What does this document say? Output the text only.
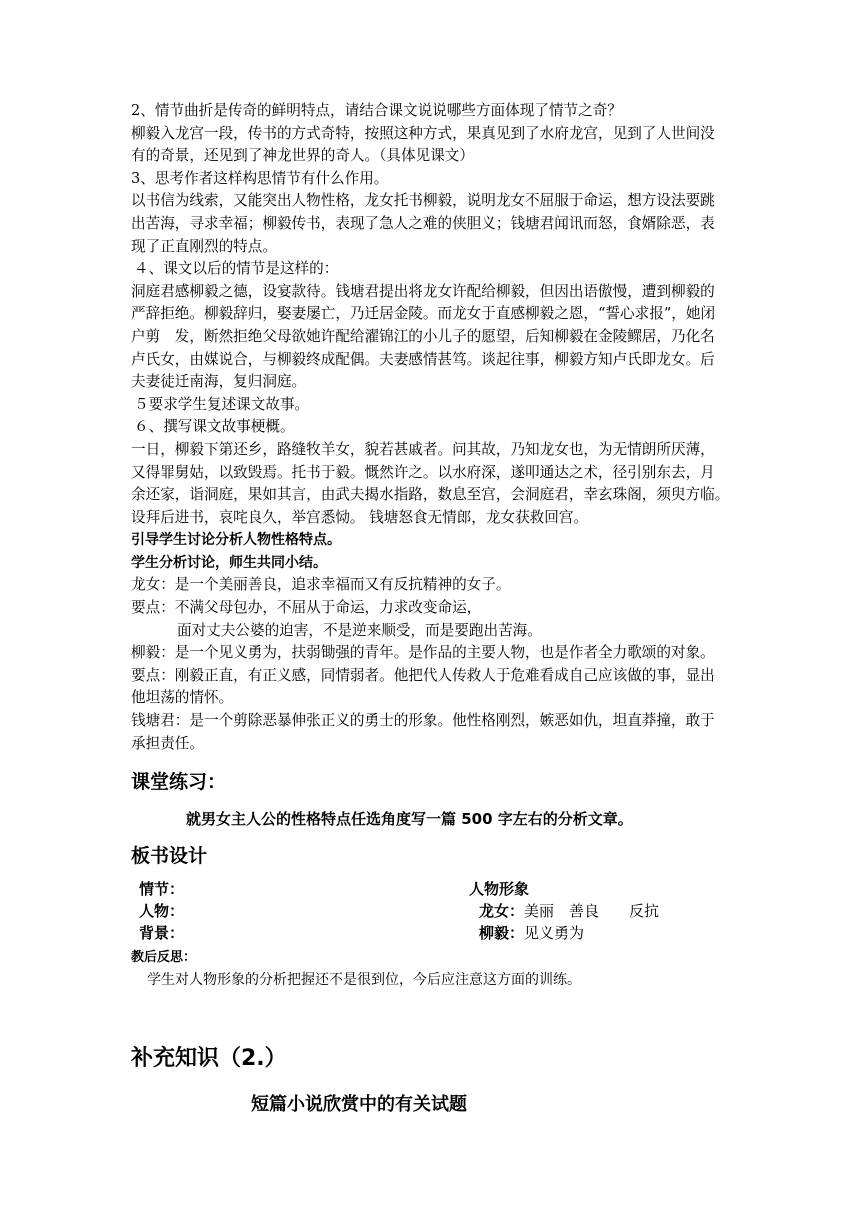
2、情节曲折是传奇的鲜明特点，请结合课文说说哪些方面体现了情节之奇？

柳毅入龙宫一段，传书的方式奇特，按照这种方式，果真见到了水府龙宫，见到了人世间没

有的奇景，还见到了神龙世界的奇人。（具体见课文）

3、思考作者这样构思情节有什么作用。

以书信为线索，又能突出人物性格，龙女托书柳毅，说明龙女不屈服于命运，想方设法要跳

出苦海，寻求幸福；柳毅传书，表现了急人之难的侠胆义；钱塘君闻讯而怒，食婿除恶，表

现了正直刚烈的特点。

４、课文以后的情节是这样的：

洞庭君感柳毅之德，设宴款待。钱塘君提出将龙女许配给柳毅，但因出语傲慢，遭到柳毅的

严辞拒绝。柳毅辞归，娶妻屡亡，乃迁居金陵。而龙女于直感柳毅之恩，“誓心求报”，她闭

户剪　发，断然拒绝父母欲她许配给濯锦江的小儿子的愿望，后知柳毅在金陵鳏居，乃化名

卢氏女，由媒说合，与柳毅终成配偶。夫妻感情甚笃。谈起往事，柳毅方知卢氏即龙女。后

夫妻徒迁南海，复归洞庭。

５要求学生复述课文故事。

６、撰写课文故事梗概。

一日，柳毅下第还乡，路缝牧羊女，貌若甚戚者。问其故，乃知龙女也，为无情朗所厌薄，

又得罪舅姑，以致毁焉。托书于毅。慨然许之。以水府深，遂叩通达之术，径引别东去，月

余还家，诣洞庭，果如其言，由武夫揭水指路，数息至宫，会洞庭君，幸玄珠阁，须臾方临。

设拜后进书，哀咤良久，举宫悉恸。 钱塘怒食无情郎，龙女获救回宫。

引导学生讨论分析人物性格特点。

学生分析讨论，师生共同小结。

龙女：是一个美丽善良，追求幸福而又有反抗精神的女子。

要点：不满父母包办，不屈从于命运，力求改变命运，

面对丈夫公婆的迫害，不是逆来顺受，而是要跑出苦海。

柳毅：是一个见义勇为，扶弱锄强的青年。是作品的主要人物，也是作者全力歌颂的对象。

要点：刚毅正直，有正义感，同情弱者。他把代人传救人于危难看成自己应该做的事，显出

他坦荡的情怀。

钱塘君：是一个剪除恶暴伸张正义的勇士的形象。他性格刚烈，嫉恶如仇，坦直莽撞，敢于

承担责任。

课堂练习：

就男女主人公的性格特点任选角度写一篇 500 字左右的分析文章。

板书设计

情节：
人物：
背景：
人物形象
龙女：美丽　善良　　反抗
柳毅：见义勇为

教后反思：

学生对人物形象的分析把握还不是很到位，今后应注意这方面的训练。

补充知识（2.）

短篇小说欣赏中的有关试题
